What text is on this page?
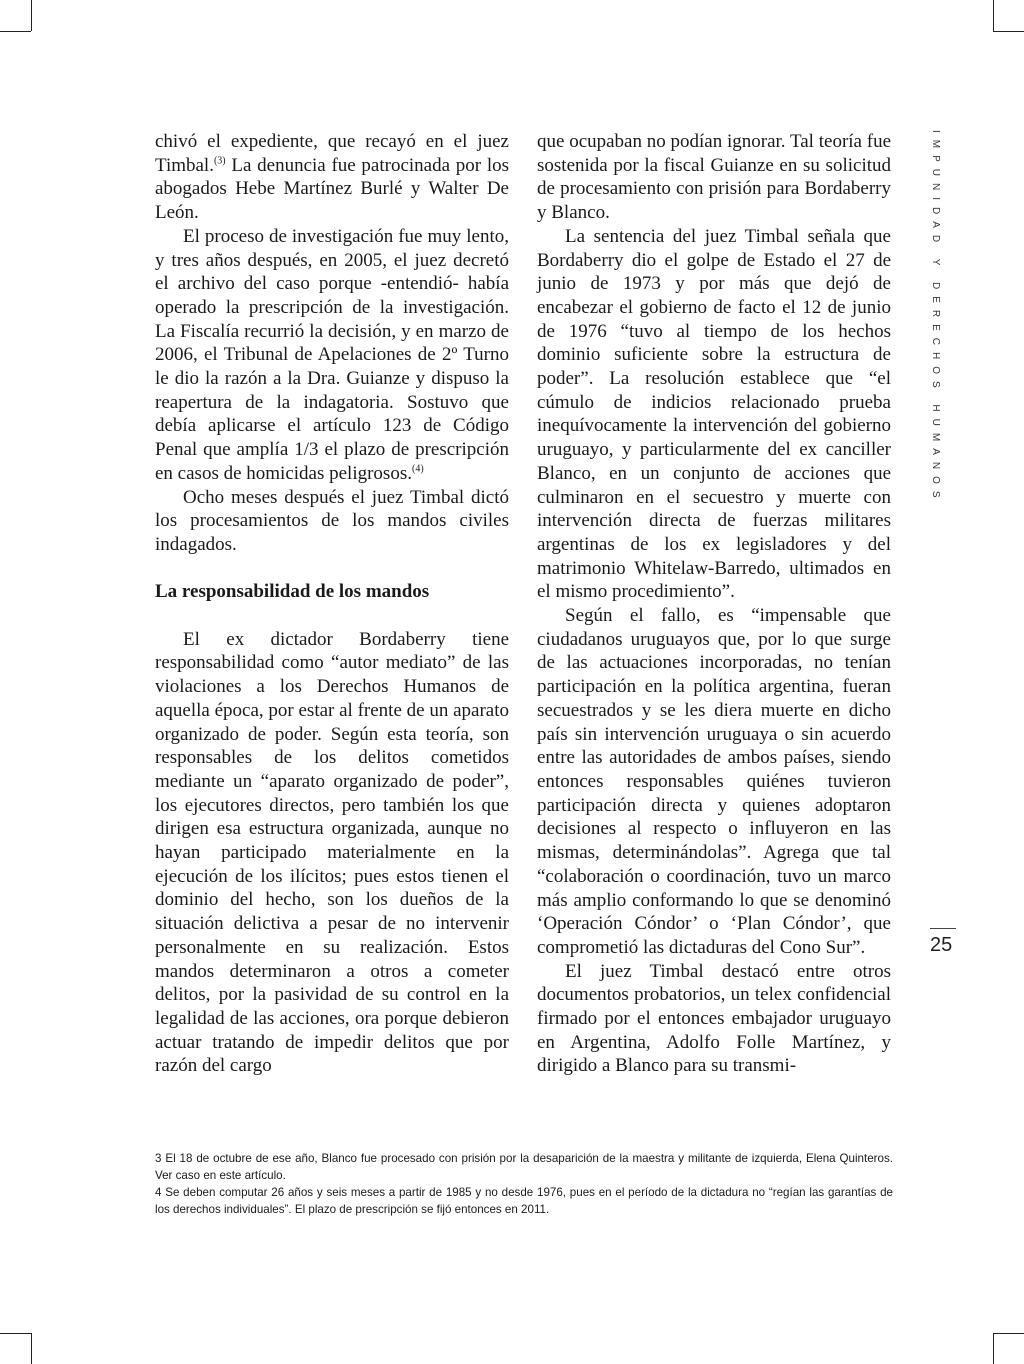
chivó el expediente, que recayó en el juez Timbal.$^{(3)}$ La denuncia fue patrocinada por los abogados Hebe Martínez Burlé y Walter De León.

El proceso de investigación fue muy lento, y tres años después, en 2005, el juez decretó el archivo del caso porque -entendió- había operado la prescripción de la investigación. La Fiscalía recurrió la decisión, y en marzo de 2006, el Tribunal de Apelaciones de 2º Turno le dio la razón a la Dra. Guianze y dispuso la reapertura de la indagatoria. Sostuvo que debía aplicarse el artículo 123 de Código Penal que amplía 1/3 el plazo de prescripción en casos de homicidas peligrosos.$^{(4)}$

Ocho meses después el juez Timbal dictó los procesamientos de los mandos civiles indagados.

La responsabilidad de los mandos

El ex dictador Bordaberry tiene responsabilidad como “autor mediato” de las violaciones a los Derechos Humanos de aquella época, por estar al frente de un aparato organizado de poder. Según esta teoría, son responsables de los delitos cometidos mediante un “aparato organizado de poder”, los ejecutores directos, pero también los que dirigen esa estructura organizada, aunque no hayan participado materialmente en la ejecución de los ilícitos; pues estos tienen el dominio del hecho, son los dueños de la situación delictiva a pesar de no intervenir personalmente en su realización. Estos mandos determinaron a otros a cometer delitos, por la pasividad de su control en la legalidad de las acciones, ora porque debieron actuar tratando de impedir delitos que por razón del cargo

que ocupaban no podían ignorar. Tal teoría fue sostenida por la fiscal Guianze en su solicitud de procesamiento con prisión para Bordaberry y Blanco.

La sentencia del juez Timbal señala que Bordaberry dio el golpe de Estado el 27 de junio de 1973 y por más que dejó de encabezar el gobierno de facto el 12 de junio de 1976 “tuvo al tiempo de los hechos dominio suficiente sobre la estructura de poder”. La resolución establece que “el cúmulo de indicios relacionado prueba inequívocamente la intervención del gobierno uruguayo, y particularmente del ex canciller Blanco, en un conjunto de acciones que culminaron en el secuestro y muerte con intervención directa de fuerzas militares argentinas de los ex legisladores y del matrimonio Whitelaw-Barredo, ultimados en el mismo procedimiento”.

Según el fallo, es “impensable que ciudadanos uruguayos que, por lo que surge de las actuaciones incorporadas, no tenían participación en la política argentina, fueran secuestrados y se les diera muerte en dicho país sin intervención uruguaya o sin acuerdo entre las autoridades de ambos países, siendo entonces responsables quiénes tuvieron participación directa y quienes adoptaron decisiones al respecto o influyeron en las mismas, determinándolas”. Agrega que tal “colaboración o coordinación, tuvo un marco más amplio conformando lo que se denominó ‘Operación Cóndor’ o ‘Plan Cóndor’, que comprometió las dictaduras del Cono Sur”.

El juez Timbal destacó entre otros documentos probatorios, un telex confidencial firmado por el entonces embajador uruguayo en Argentina, Adolfo Folle Martínez, y dirigido a Blanco para su transmi-

IMPUNIDAD Y DERECHOS HUMANOS
25

3 El 18 de octubre de ese año, Blanco fue procesado con prisión por la desaparición de la maestra y militante de izquierda, Elena Quinteros. Ver caso en este artículo.

4 Se deben computar 26 años y seis meses a partir de 1985 y no desde 1976, pues en el período de la dictadura no “regían las garantías de los derechos individuales”. El plazo de prescripción se fijó entonces en 2011.
